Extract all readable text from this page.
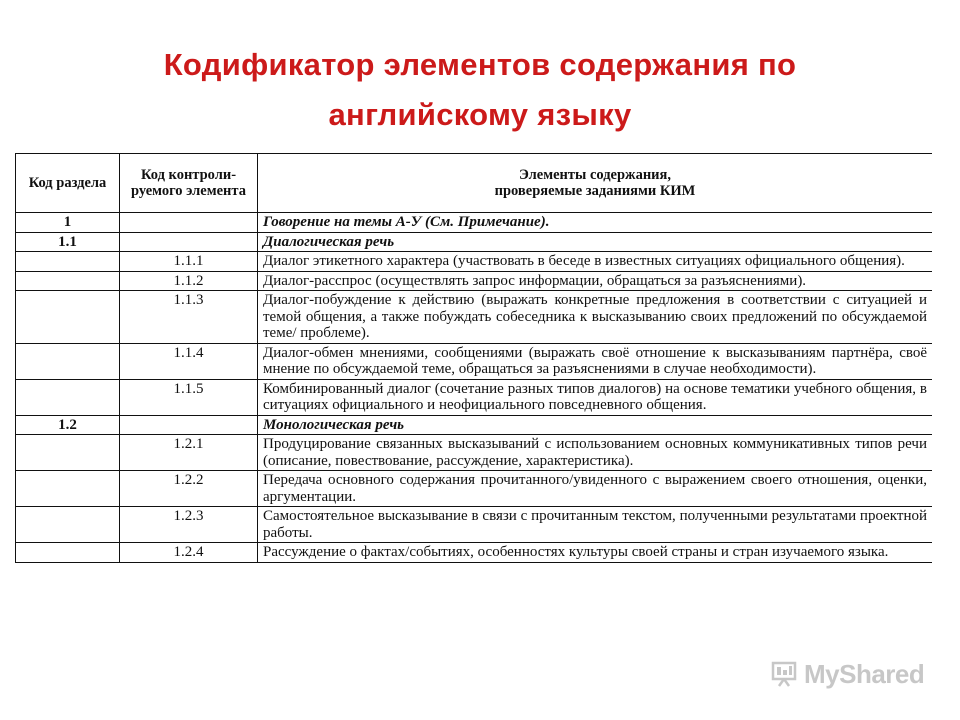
Кодификатор элементов содержания по
английскому языку
Код раздела	Код контроли-руемого элемента	Элементы содержания,
проверяемые заданиями КИМ

1		Говорение на темы А-У (См. Примечание).
1.1		Диалогическая речь
	1.1.1	Диалог этикетного характера (участвовать в беседе в известных ситуациях официального общения).
	1.1.2	Диалог-расспрос (осуществлять запрос информации, обращаться за разъяснениями).
	1.1.3	Диалог-побуждение к действию (выражать конкретные предложения в соответствии с ситуацией и темой общения, а также побуждать собеседника к высказыванию своих предложений по обсуждаемой теме/ проблеме).
	1.1.4	Диалог-обмен мнениями, сообщениями (выражать своё отношение к высказываниям партнёра, своё мнение по обсуждаемой теме, обращаться за разъяснениями в случае необходимости).
	1.1.5	Комбинированный диалог (сочетание разных типов диалогов) на основе тематики учебного общения, в ситуациях официального и неофициального повседневного общения.
1.2		Монологическая речь
	1.2.1	Продуцирование связанных высказываний с использованием основных коммуникативных типов речи (описание, повествование, рассуждение, характеристика).
	1.2.2	Передача основного содержания прочитанного/увиденного с выражением своего отношения, оценки, аргументации.
	1.2.3	Самостоятельное высказывание в связи с прочитанным текстом, полученными результатами проектной работы.
	1.2.4	Рассуждение о фактах/событиях, особенностях культуры своей страны и стран изучаемого языка.
MyShared
